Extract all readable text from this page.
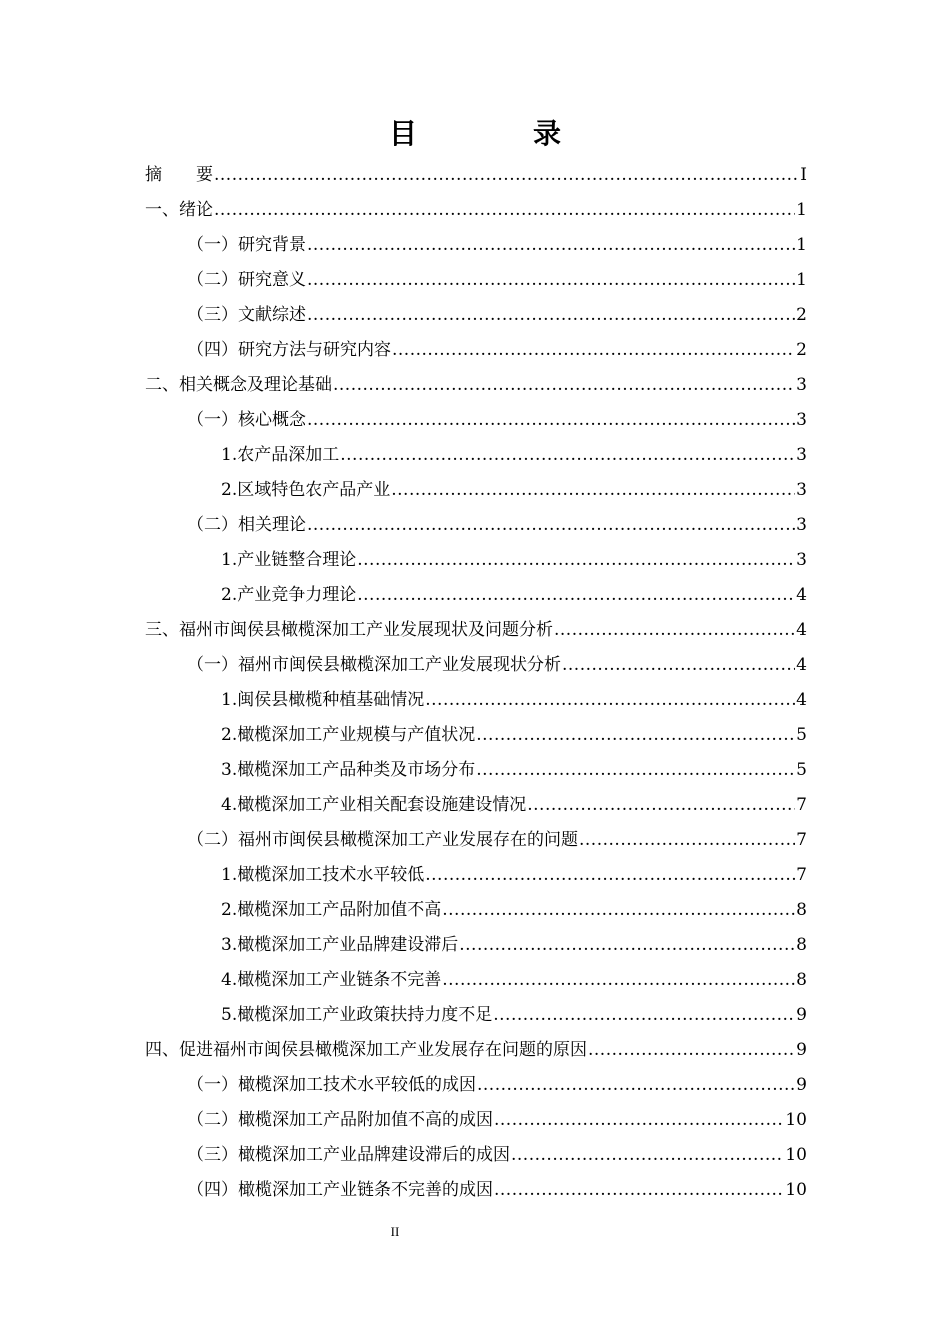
目　录
摘　　要 .....	I
一、绪论 .....	1
（一）研究背景 .....	1
（二）研究意义 .....	1
（三）文献综述 .....	2
（四）研究方法与研究内容 .....	2
二、相关概念及理论基础 .....	3
（一）核心概念 .....	3
1.农产品深加工 .....	3
2.区域特色农产品产业 .....	3
（二）相关理论 .....	3
1.产业链整合理论 .....	3
2.产业竞争力理论 .....	4
三、福州市闽侯县橄榄深加工产业发展现状及问题分析 .....	4
（一）福州市闽侯县橄榄深加工产业发展现状分析 .....	4
1.闽侯县橄榄种植基础情况 .....	4
2.橄榄深加工产业规模与产值状况 .....	5
3.橄榄深加工产品种类及市场分布 .....	5
4.橄榄深加工产业相关配套设施建设情况 .....	7
（二）福州市闽侯县橄榄深加工产业发展存在的问题 .....	7
1.橄榄深加工技术水平较低 .....	7
2.橄榄深加工产品附加值不高 .....	8
3.橄榄深加工产业品牌建设滞后 .....	8
4.橄榄深加工产业链条不完善 .....	8
5.橄榄深加工产业政策扶持力度不足 .....	9
四、促进福州市闽侯县橄榄深加工产业发展存在问题的原因 .....	9
（一）橄榄深加工技术水平较低的成因 .....	9
（二）橄榄深加工产品附加值不高的成因 .....	10
（三）橄榄深加工产业品牌建设滞后的成因 .....	10
（四）橄榄深加工产业链条不完善的成因 .....	10
II
